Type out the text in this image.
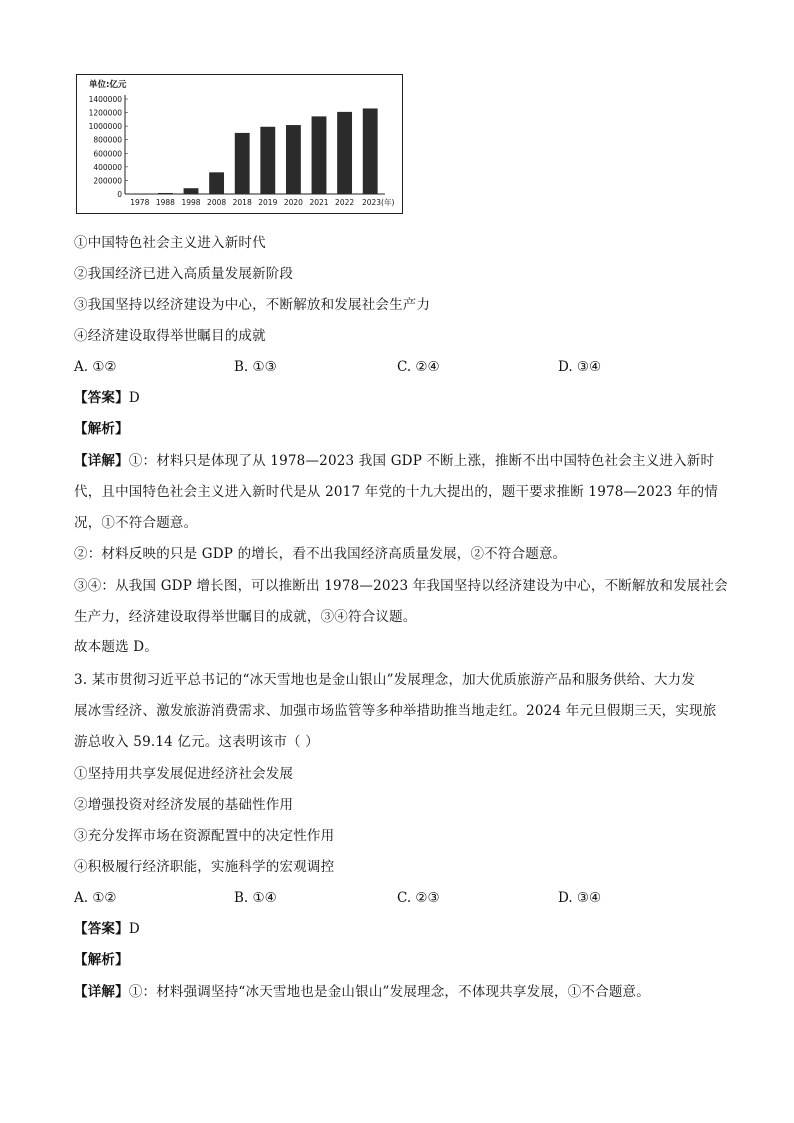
单位:亿元
1400000
1200000
1000000
800000
600000
400000
200000
0
1978 1988 1998 2008 2018 2019 2020 2021 2022 2023(年)
①中国特色社会主义进入新时代
②我国经济已进入高质量发展新阶段
③我国坚持以经济建设为中心，不断解放和发展社会生产力
④经济建设取得举世瞩目的成就
A. ①②	B. ①③	C. ②④	D. ③④
【答案】D
【解析】
【详解】①：材料只是体现了从 1978—2023 我国 GDP 不断上涨，推断不出中国特色社会主义进入新时
代，且中国特色社会主义进入新时代是从 2017 年党的十九大提出的，题干要求推断 1978—2023 年的情
况，①不符合题意。
②：材料反映的只是 GDP 的增长，看不出我国经济高质量发展，②不符合题意。
③④：从我国 GDP 增长图，可以推断出 1978—2023 年我国坚持以经济建设为中心，不断解放和发展社会
生产力，经济建设取得举世瞩目的成就，③④符合议题。
故本题选 D。
3. 某市贯彻习近平总书记的“冰天雪地也是金山银山”发展理念，加大优质旅游产品和服务供给、大力发
展冰雪经济、激发旅游消费需求、加强市场监管等多种举措助推当地走红。2024 年元旦假期三天，实现旅
游总收入 59.14 亿元。这表明该市（ ）
①坚持用共享发展促进经济社会发展
②增强投资对经济发展的基础性作用
③充分发挥市场在资源配置中的决定性作用
④积极履行经济职能，实施科学的宏观调控
A. ①②	B. ①④	C. ②③	D. ③④
【答案】D
【解析】
【详解】①：材料强调坚持“冰天雪地也是金山银山”发展理念，不体现共享发展，①不合题意。
